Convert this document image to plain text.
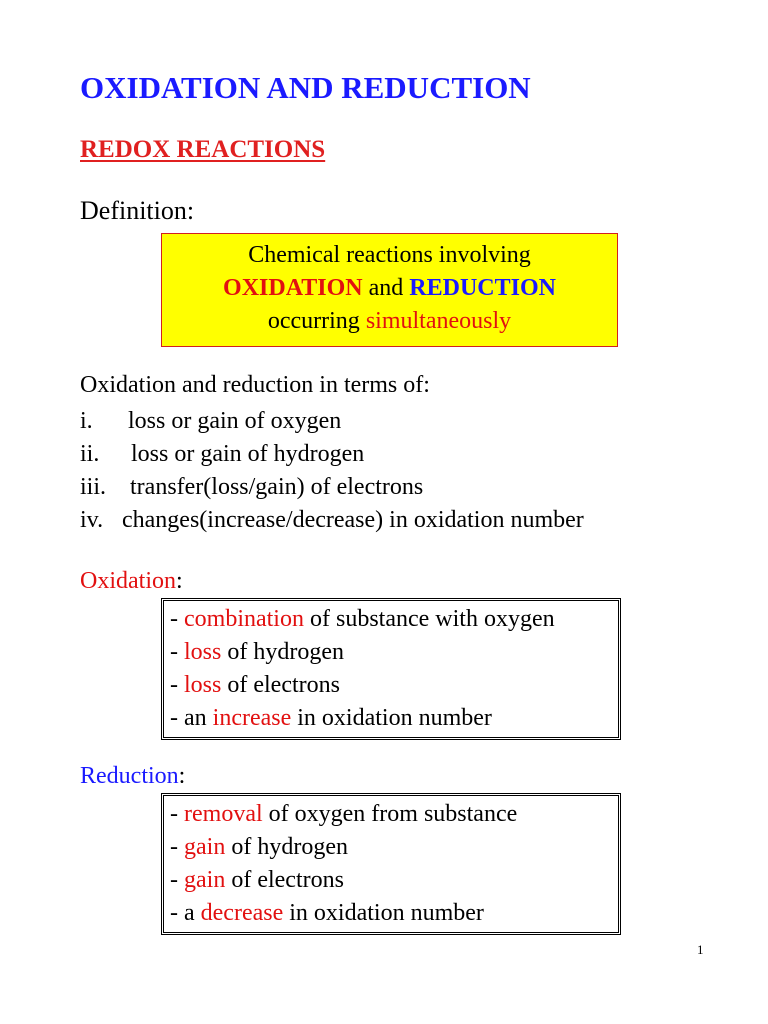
OXIDATION AND REDUCTION
REDOX REACTIONS
Definition:
Chemical reactions involving
OXIDATION and REDUCTION
occurring simultaneously
Oxidation and reduction in terms of:
i. loss or gain of oxygen
ii. loss or gain of hydrogen
iii. transfer(loss/gain) of electrons
iv. changes(increase/decrease) in oxidation number
Oxidation:
- combination of substance with oxygen
- loss of hydrogen
- loss of electrons
- an increase in oxidation number
Reduction:
- removal of oxygen from substance
- gain of hydrogen
- gain of electrons
- a decrease in oxidation number
1
